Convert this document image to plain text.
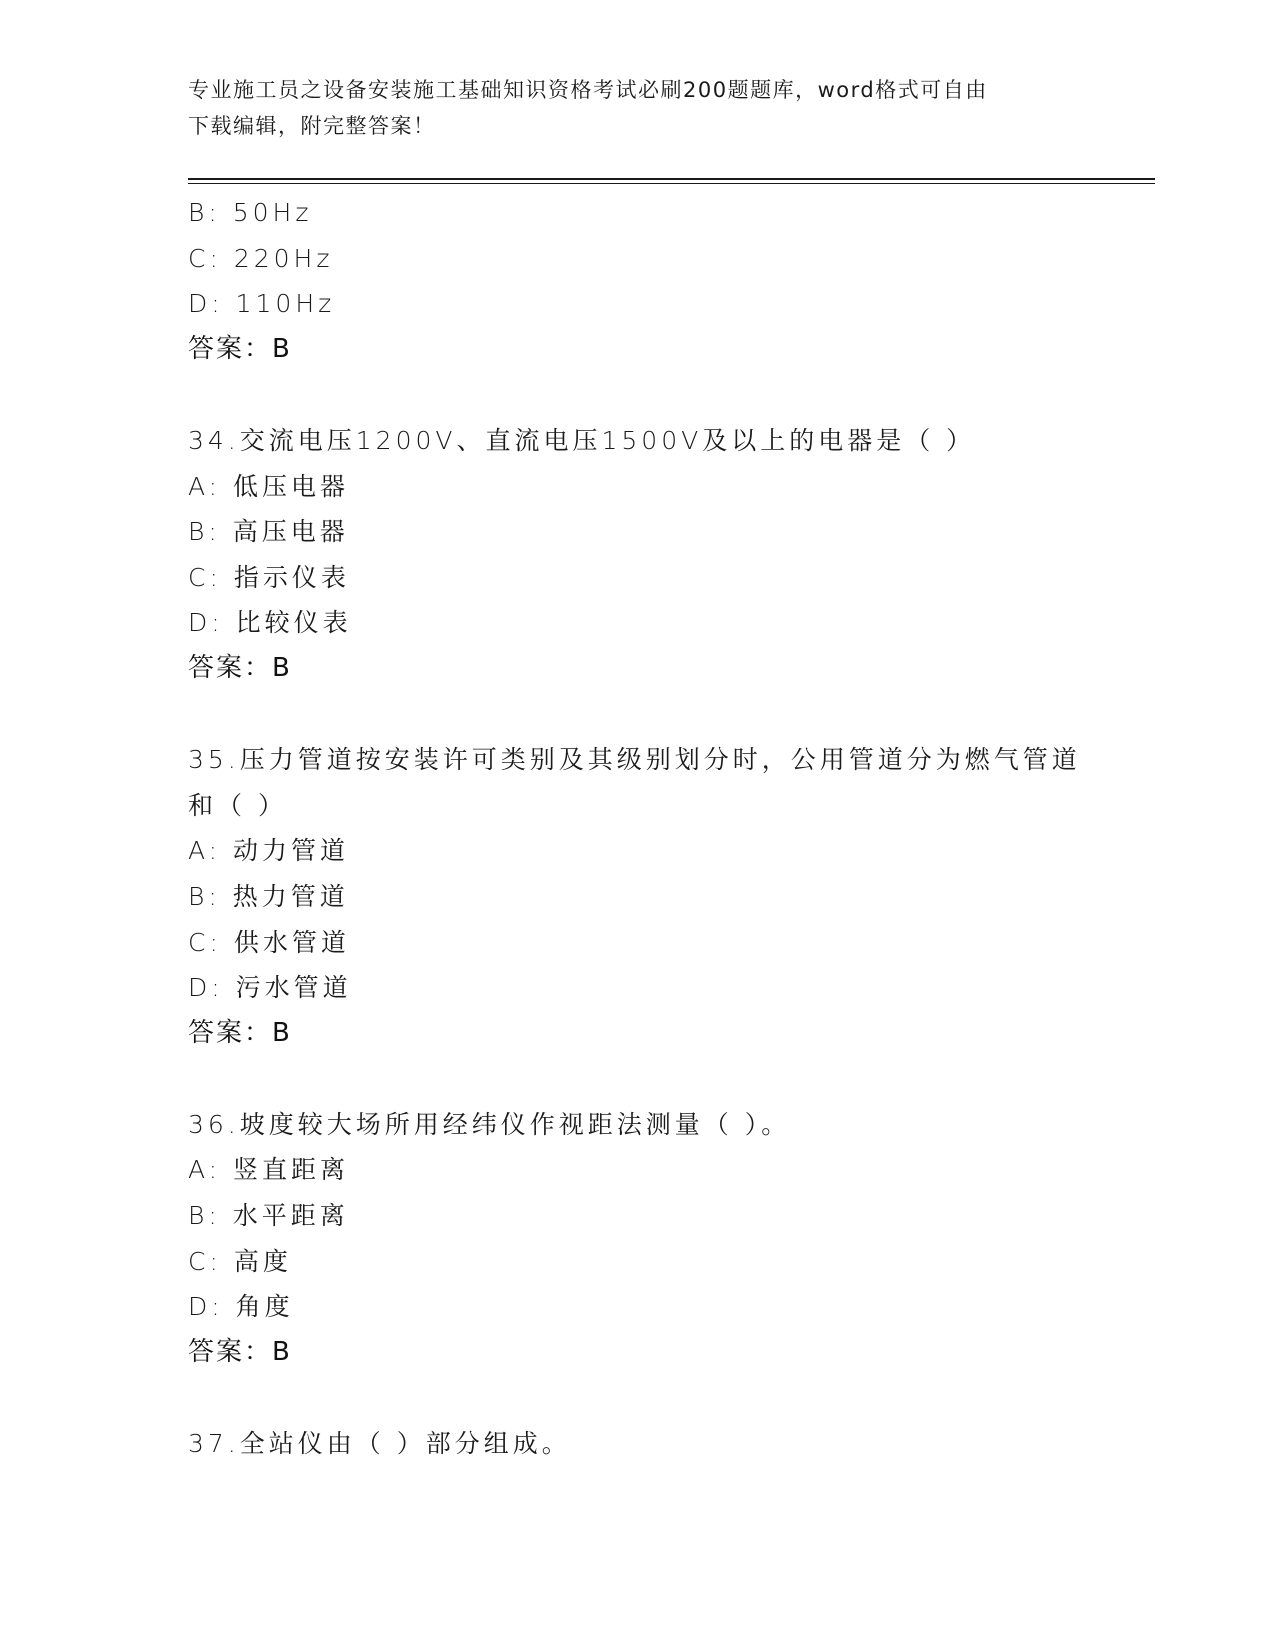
专业施工员之设备安装施工基础知识资格考试必刷200题题库，word格式可自由
下载编辑，附完整答案！
B: 50Hz
C: 220Hz
D: 110Hz
答案：B
34.交流电压1200V、直流电压1500V及以上的电器是（ ）
A: 低压电器
B: 高压电器
C: 指示仪表
D: 比较仪表
答案：B
35.压力管道按安装许可类别及其级别划分时，公用管道分为燃气管道
和（ ）
A: 动力管道
B: 热力管道
C: 供水管道
D: 污水管道
答案：B
36.坡度较大场所用经纬仪作视距法测量（ ）。
A: 竖直距离
B: 水平距离
C: 高度
D: 角度
答案：B
37.全站仪由（ ）部分组成。
